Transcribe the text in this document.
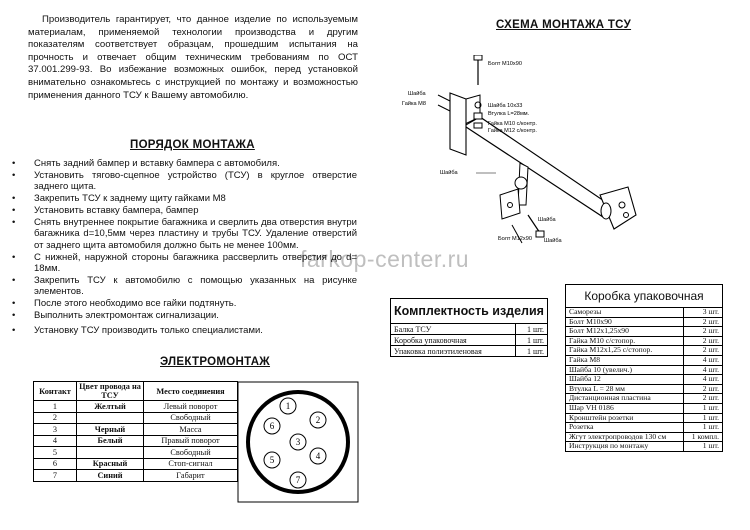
Производитель гарантирует, что данное изделие по используемым материалам, применяемой технологии производства и другим показателям соответствует образцам, прошедшим испытания на прочность и отвечает общим техническим требованиям по ОСТ 37.001.299-93. Во избежание возможных ошибок, перед установкой внимательно ознакомьтесь с инструкцией по монтажу и возможностью применения данного ТСУ к Вашему автомобилю.
СХЕМА МОНТАЖА ТСУ
Болт М10х90
Шайба
Гайка М8	Шайба 10х33
Втулка L=28мм.
Гайка М10 с/контр.
Гайка М12 с/контр.
Шайба
Болт М12х90 Шайба
Шайба
farkop-center.ru
ПОРЯДОК МОНТАЖА
• Снять задний бампер и вставку бампера с автомобиля.
• Установить тягово-сцепное устройство (ТСУ) в круглое отверстие заднего щита.
• Закрепить ТСУ к заднему щиту гайками М8
• Установить вставку бампера, бампер
• Снять внутреннее покрытие багажника и сверлить два отверстия внутри багажника d=10,5мм через пластину и трубы ТСУ. Удаление отверстий от заднего щита автомобиля должно быть не менее 100мм.
• С нижней, наружной стороны багажника рассверлить отверстия до d= 18мм.
• Закрепить ТСУ к автомобилю с помощью указанных на рисунке элементов.
• После этого необходимо все гайки подтянуть.
• Выполнить электромонтаж сигнализации.
• Установку ТСУ производить только специалистами.
ЭЛЕКТРОМОНТАЖ
Контакт	Цвет провода на ТСУ	Место соединения
1	Желтый	Левый поворот
2		Свободный
3	Черный	Масса
4	Белый	Правый поворот
5		Свободный
6	Красный	Стоп-сигнал
7	Синий	Габарит
1
2
3
4
5
6
7
Комплектность изделия	
Балка ТСУ	1 шт.
Коробка упаковочная	1 шт.
Упаковка полиэтиленовая	1 шт.
Коробка упаковочная	
Саморезы	3 шт.
Болт М10х90	2 шт.
Болт М12х1,25х90	2 шт.
Гайка М10 с/стопор.	2 шт.
Гайка М12х1,25 с/стопор.	2 шт.
Гайка М8	4 шт.
Шайба 10 (увелич.)	4 шт.
Шайба 12	4 шт.
Втулка L = 28 мм	2 шт.
Дистанционная пластина	2 шт.
Шар VH 0186	1 шт.
Кронштейн розетки	1 шт.
Розетка	1 шт.
Жгут электропроводов 130 см	1 компл.
Инструкция по монтажу	1 шт.
